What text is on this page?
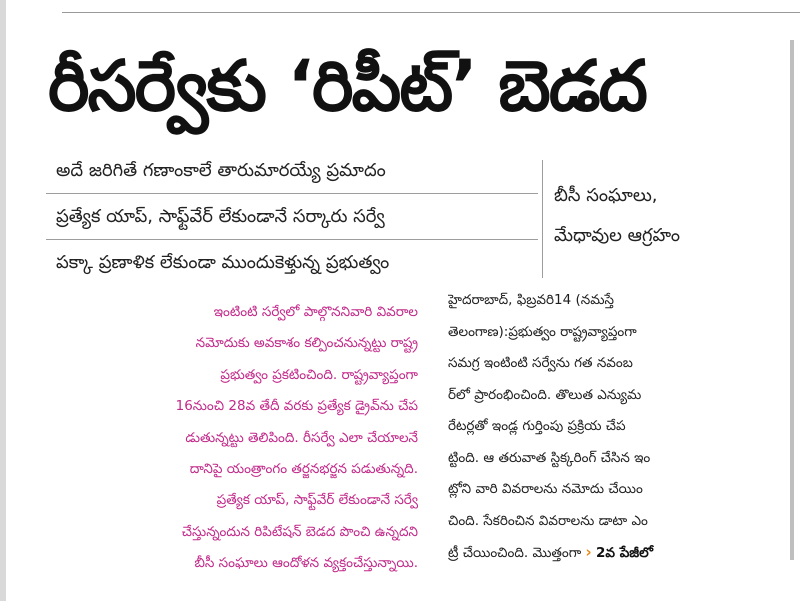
రీసర్వేకు ‘రిపీట్’ బెడద
అదే జరిగితే గణాంకాలే తారుమారయ్యే ప్రమాదం
ప్రత్యేక యాప్, సాఫ్ట్‌వేర్ లేకుండానే సర్కారు సర్వే
పక్కా ప్రణాళిక లేకుండా ముందుకెళ్తున్న ప్రభుత్వం
బీసీ సంఘాలు,
మేధావుల ఆగ్రహం
ఇంటింటి సర్వేలో పాల్గొననివారి వివరాల
నమోదుకు అవకాశం కల్పించనున్నట్టు రాష్ట్ర
ప్రభుత్వం ప్రకటించింది. రాష్ట్రవ్యాప్తంగా
16నుంచి 28వ తేదీ వరకు ప్రత్యేక డ్రైవ్‌ను చేప
డుతున్నట్టు తెలిపింది. రీసర్వే ఎలా చేయాలనే
దానిపై యంత్రాంగం తర్జనభర్జన పడుతున్నది.
ప్రత్యేక యాప్, సాఫ్ట్‌వేర్ లేకుండానే సర్వే
చేస్తున్నందున రిపిటేషన్ బెడద పొంచి ఉన్నదని
బీసీ సంఘాలు ఆందోళన వ్యక్తంచేస్తున్నాయి.
హైదరాబాద్, ఫిబ్రవరి14 (నమస్తే
తెలంగాణ):ప్రభుత్వం రాష్ట్రవ్యాప్తంగా
సమగ్ర ఇంటింటి సర్వేను గత నవంబ
ర్‌లో ప్రారంభించింది. తొలుత ఎన్యుమ
రేటర్లతో ఇండ్ల గుర్తింపు ప్రక్రియ చేప
ట్టింది. ఆ తరువాత స్టిక్కరింగ్ చేసిన ఇం
ట్లోని వారి వివరాలను నమోదు చేయిం
చింది. సేకరించిన వివరాలను డాటా ఎం
ట్రీ చేయించింది. మొత్తంగా › 2వ పేజీలో
